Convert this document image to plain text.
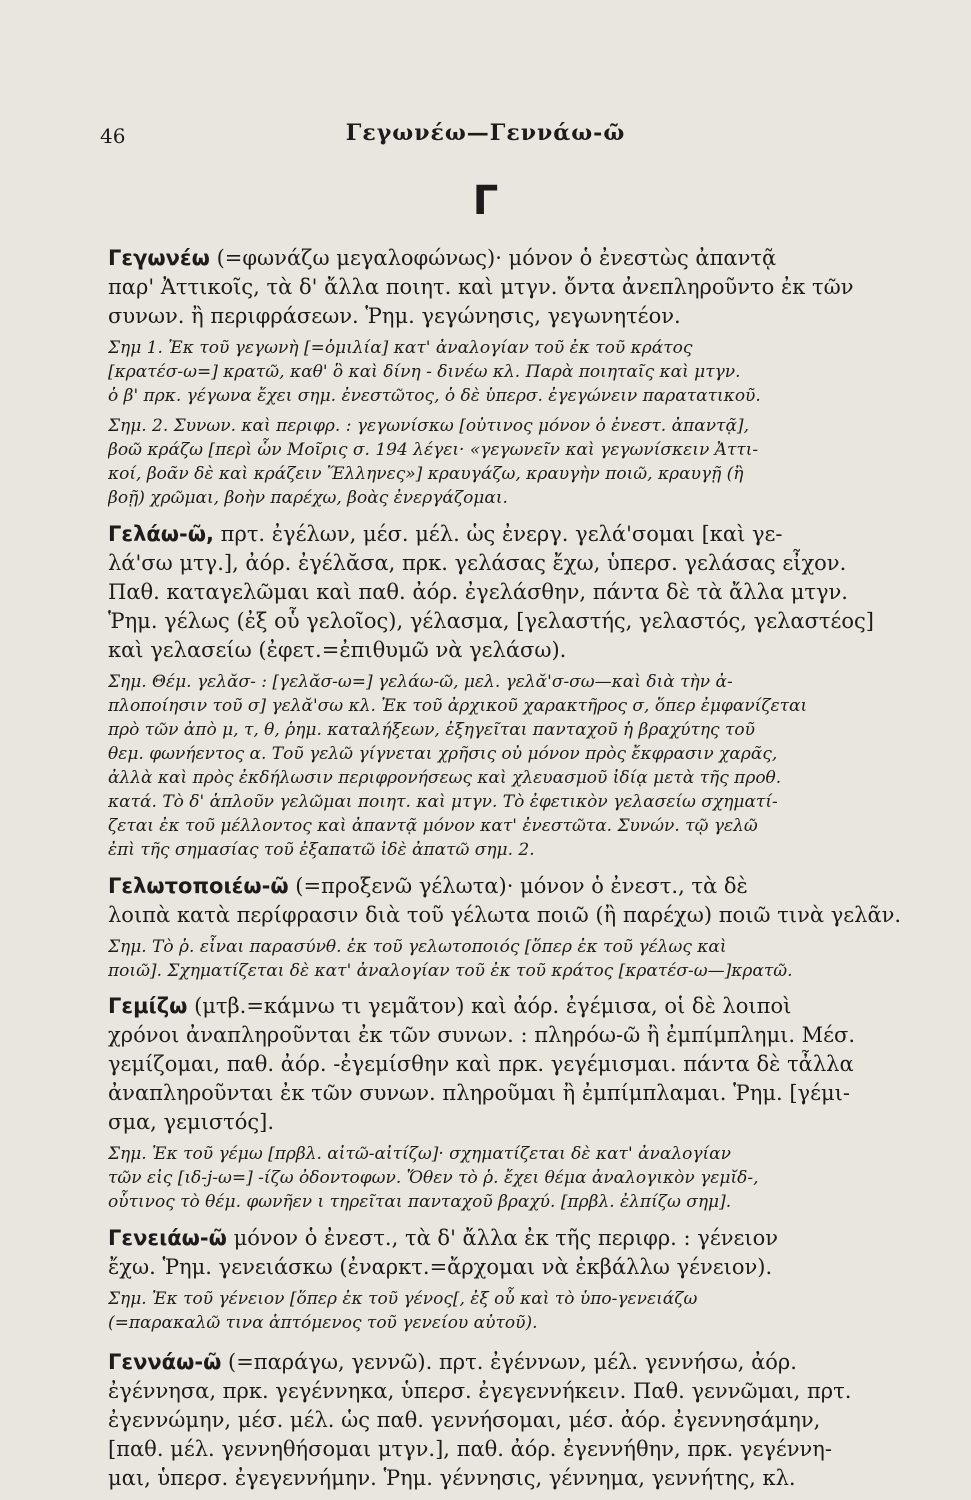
46	Γεγωνέω—Γεννάω-ῶ
Γ
Γεγωνέω (=φωνάζω μεγαλοφώνως)· μόνον ὁ ἐνεστὼς ἀπαντᾷ
παρ' Ἀττικοῖς, τὰ δ' ἄλλα ποιητ. καὶ μτγν. ὄντα ἀνεπληροῦντο ἐκ τῶν
συνων. ἢ περιφράσεων. Ῥημ. γεγώνησις, γεγωνητέον.
Σημ 1. Ἐκ τοῦ γεγωνὴ [=ὁμιλία] κατ' ἀναλογίαν τοῦ ἐκ τοῦ κράτος
[κρατέσ-ω=] κρατῶ, καθ' ὃ καὶ δίνη - δινέω κλ. Παρὰ ποιηταῖς καὶ μτγν.
ὁ β' πρκ. γέγωνα ἔχει σημ. ἐνεστῶτος, ὁ δὲ ὑπερσ. ἐγεγώνειν παρατατικοῦ.
Σημ. 2. Συνων. καὶ περιφρ. : γεγωνίσκω [οὐτινος μόνον ὁ ἐνεστ. ἀπαντᾷ],
βοῶ κράζω [περὶ ὧν Μοῖρις σ. 194 λέγει· «γεγωνεῖν καὶ γεγωνίσκειν Ἀττι-
κοί, βοᾶν δὲ καὶ κράζειν Ἕλληνες»] κραυγάζω, κραυγὴν ποιῶ, κραυγῇ (ἢ
βοῇ) χρῶμαι, βοὴν παρέχω, βοὰς ἐνεργάζομαι.
Γελάω-ῶ, πρτ. ἐγέλων, μέσ. μέλ. ὡς ἐνεργ. γελά'σομαι [καὶ γε-
λά'σω μτγ.], ἀόρ. ἐγέλᾰσα, πρκ. γελάσας ἔχω, ὑπερσ. γελάσας εἶχον.
Παθ. καταγελῶμαι καὶ παθ. ἀόρ. ἐγελάσθην, πάντα δὲ τὰ ἄλλα μτγν.
Ῥημ. γέλως (ἐξ οὗ γελοῖος), γέλασμα, [γελαστής, γελαστός, γελαστέος]
καὶ γελασείω (ἐφετ.=ἐπιθυμῶ νὰ γελάσω).
Σημ. Θέμ. γελᾰσ- : [γελᾰσ-ω=] γελάω-ῶ, μελ. γελᾰ'σ-σω—καὶ διὰ τὴν ἀ-
πλοποίησιν τοῦ σ] γελᾰ'σω κλ. Ἐκ τοῦ ἀρχικοῦ χαρακτῆρος σ, ὅπερ ἐμφανίζεται
πρὸ τῶν ἀπὸ μ, τ, θ, ῥημ. καταλήξεων, ἐξηγεῖται πανταχοῦ ἡ βραχύτης τοῦ
θεμ. φωνήεντος α. Τοῦ γελῶ γίγνεται χρῆσις οὐ μόνον πρὸς ἔκφρασιν χαρᾶς,
ἀλλὰ καὶ πρὸς ἐκδήλωσιν περιφρονήσεως καὶ χλευασμοῦ ἰδίᾳ μετὰ τῆς προθ.
κατά. Τὸ δ' ἁπλοῦν γελῶμαι ποιητ. καὶ μτγν. Τὸ ἐφετικὸν γελασείω σχηματί-
ζεται ἐκ τοῦ μέλλοντος καὶ ἀπαντᾷ μόνον κατ' ἐνεστῶτα. Συνών. τῷ γελῶ
ἐπὶ τῆς σημασίας τοῦ ἐξαπατῶ ἰδὲ ἀπατῶ σημ. 2.
Γελωτοποιέω-ῶ (=προξενῶ γέλωτα)· μόνον ὁ ἐνεστ., τὰ δὲ
λοιπὰ κατὰ περίφρασιν διὰ τοῦ γέλωτα ποιῶ (ἢ παρέχω) ποιῶ τινὰ γελᾶν.
Σημ. Τὸ ῥ. εἶναι παρασύνθ. ἐκ τοῦ γελωτοποιός [ὅπερ ἐκ τοῦ γέλως καὶ
ποιῶ]. Σχηματίζεται δὲ κατ' ἀναλογίαν τοῦ ἐκ τοῦ κράτος [κρατέσ-ω—]κρατῶ.
Γεμίζω (μτβ.=κάμνω τι γεμᾶτον) καὶ ἀόρ. ἐγέμισα, οἱ δὲ λοιποὶ
χρόνοι ἀναπληροῦνται ἐκ τῶν συνων. : πληρόω-ῶ ἢ ἐμπίμπλημι. Μέσ.
γεμίζομαι, παθ. ἀόρ. -ἐγεμίσθην καὶ πρκ. γεγέμισμαι. πάντα δὲ τἆλλα
ἀναπληροῦνται ἐκ τῶν συνων. πληροῦμαι ἢ ἐμπίμπλαμαι. Ῥημ. [γέμι-
σμα, γεμιστός].
Σημ. Ἐκ τοῦ γέμω [πρβλ. αἰτῶ-αἰτίζω]· σχηματίζεται δὲ κατ' ἀναλογίαν
τῶν εἰς [ιδ-j-ω=] -ίζω ὀδοντοφων. Ὅθεν τὸ ῥ. ἔχει θέμα ἀναλογικὸν γεμῐδ-,
οὗτινος τὸ θέμ. φωνῆεν ι τηρεῖται πανταχοῦ βραχύ. [πρβλ. ἐλπίζω σημ].
Γενειάω-ῶ μόνον ὁ ἐνεστ., τὰ δ' ἄλλα ἐκ τῆς περιφρ. : γένειον
ἔχω. Ῥημ. γενειάσκω (ἐναρκτ.=ἄρχομαι νὰ ἐκβάλλω γένειον).
Σημ. Ἐκ τοῦ γένειον [ὅπερ ἐκ τοῦ γένος[, ἐξ οὗ καὶ τὸ ὑπο-γενειάζω
(=παρακαλῶ τινα ἁπτόμενος τοῦ γενείου αὐτοῦ).
Γεννάω-ῶ (=παράγω, γεννῶ). πρτ. ἐγέννων, μέλ. γεννήσω, ἀόρ.
ἐγέννησα, πρκ. γεγέννηκα, ὑπερσ. ἐγεγεννήκειν. Παθ. γεννῶμαι, πρτ.
ἐγεννώμην, μέσ. μέλ. ὡς παθ. γεννήσομαι, μέσ. ἀόρ. ἐγεννησάμην,
[παθ. μέλ. γεννηθήσομαι μτγν.], παθ. ἀόρ. ἐγεννήθην, πρκ. γεγέννη-
μαι, ὑπερσ. ἐγεγεννήμην. Ῥημ. γέννησις, γέννημα, γεννήτης, κλ.
